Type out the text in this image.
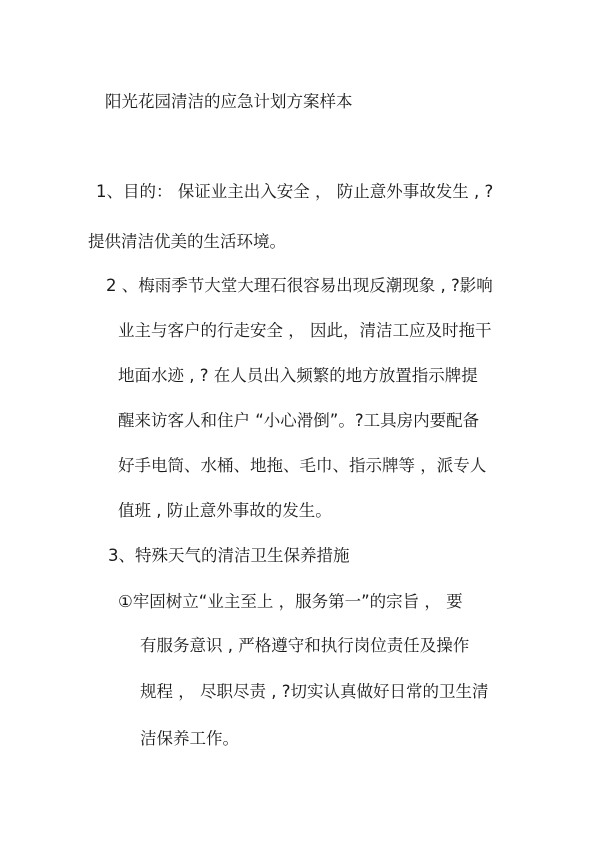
阳光花园清洁的应急计划方案样本
1、目的： 保证业主出入安全 ， 防止意外事故发生 , ?
提供清洁优美的生活环境。
2 、梅雨季节大堂大理石很容易出现反潮现象 , ?影响
业主与客户的行走安全 ， 因此，清洁工应及时拖干
地面水迹 , ? 在人员出入频繁的地方放置指示牌提
醒来访客人和住户 “小心滑倒”。?工具房内要配备
好手电筒、水桶、地拖、毛巾、指示牌等 ，派专人
值班 , 防止意外事故的发生。
3、特殊天气的清洁卫生保养措施
①牢固树立“业主至上 ，服务第一”的宗旨 ， 要
有服务意识 , 严格遵守和执行岗位责任及操作
规程 ， 尽职尽责 , ?切实认真做好日常的卫生清
洁保养工作。
